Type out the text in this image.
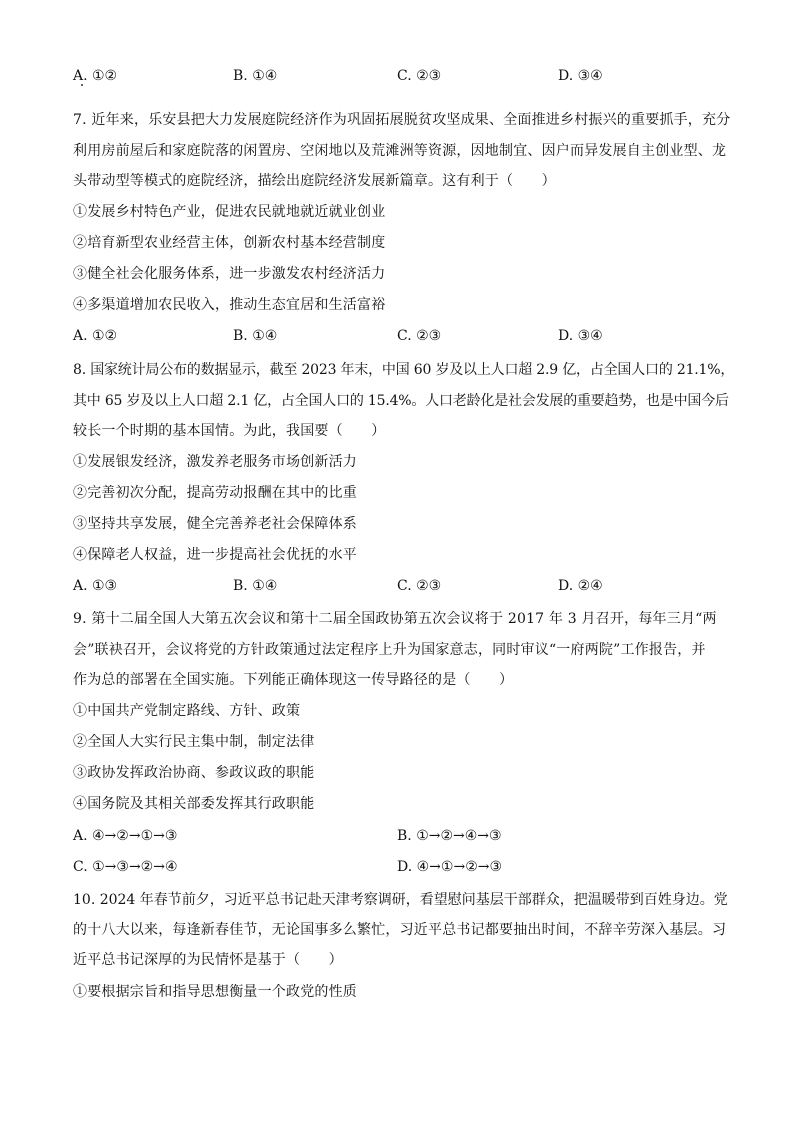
A. ①②	B. ①④	C. ②③	D. ③④
7. 近年来，乐安县把大力发展庭院经济作为巩固拓展脱贫攻坚成果、全面推进乡村振兴的重要抓手，充分
利用房前屋后和家庭院落的闲置房、空闲地以及荒滩洲等资源，因地制宜、因户而异发展自主创业型、龙
头带动型等模式的庭院经济，描绘出庭院经济发展新篇章。这有利于（　　）
①发展乡村特色产业，促进农民就地就近就业创业
②培育新型农业经营主体，创新农村基本经营制度
③健全社会化服务体系，进一步激发农村经济活力
④多渠道增加农民收入，推动生态宜居和生活富裕
A. ①②	B. ①④	C. ②③	D. ③④
8. 国家统计局公布的数据显示，截至 2023 年末，中国 60 岁及以上人口超 2.9 亿，占全国人口的 21.1%，
其中 65 岁及以上人口超 2.1 亿，占全国人口的 15.4%。人口老龄化是社会发展的重要趋势，也是中国今后
较长一个时期的基本国情。为此，我国要（　　）
①发展银发经济，激发养老服务市场创新活力
②完善初次分配，提高劳动报酬在其中的比重
③坚持共享发展，健全完善养老社会保障体系
④保障老人权益，进一步提高社会优抚的水平
A. ①③	B. ①④	C. ②③	D. ②④
9. 第十二届全国人大第五次会议和第十二届全国政协第五次会议将于 2017 年 3 月召开，每年三月“两
会”联袂召开，会议将党的方针政策通过法定程序上升为国家意志，同时审议“一府两院”工作报告，并
作为总的部署在全国实施。下列能正确体现这一传导路径的是（　　）
①中国共产党制定路线、方针、政策
②全国人大实行民主集中制，制定法律
③政协发挥政治协商、参政议政的职能
④国务院及其相关部委发挥其行政职能
A. ④→②→①→③	B. ①→②→④→③
C. ①→③→②→④	D. ④→①→②→③
10. 2024 年春节前夕，习近平总书记赴天津考察调研，看望慰问基层干部群众，把温暖带到百姓身边。党
的十八大以来，每逢新春佳节，无论国事多么繁忙，习近平总书记都要抽出时间，不辞辛劳深入基层。习
近平总书记深厚的为民情怀是基于（　　）
①要根据宗旨和指导思想衡量一个政党的性质
